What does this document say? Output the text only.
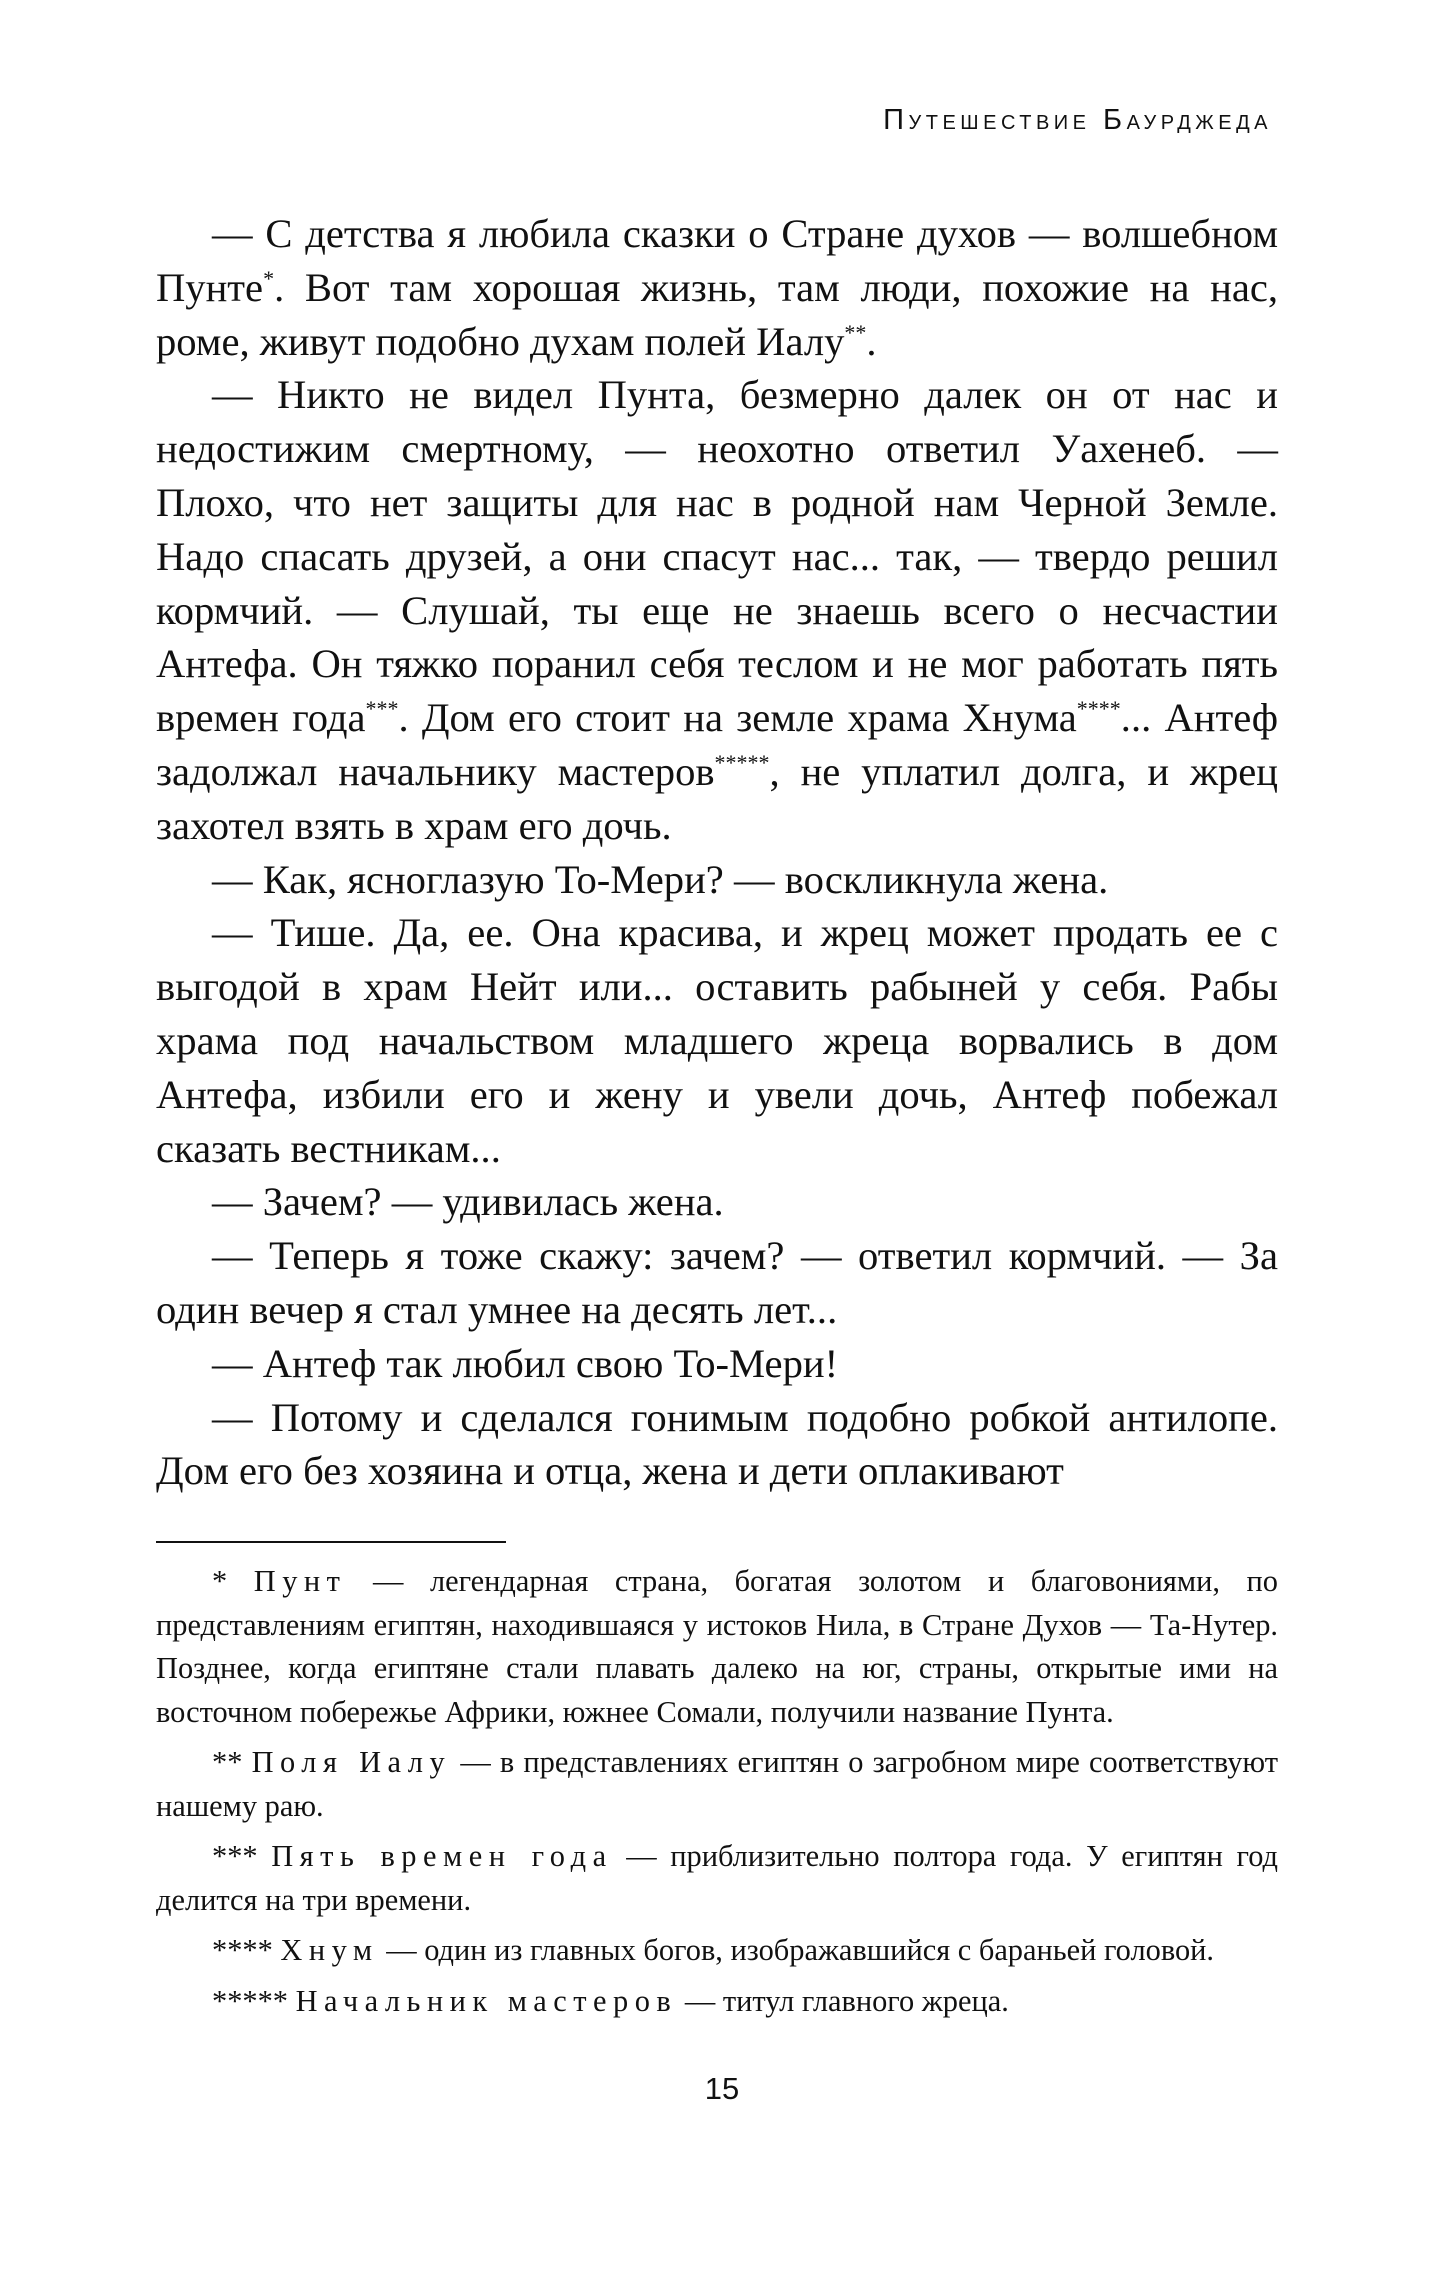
Путешествие Баурджеда

— С детства я любила сказки о Стране духов — волшебном Пунте*. Вот там хорошая жизнь, там люди, похожие на нас, роме, живут подобно духам полей Иалу**.

— Никто не видел Пунта, безмерно далек он от нас и недостижим смертному, — неохотно ответил Уахенеб. — Плохо, что нет защиты для нас в родной нам Черной Земле. Надо спасать друзей, а они спасут нас... так, — твердо решил кормчий. — Слушай, ты еще не знаешь всего о несчастии Антефа. Он тяжко поранил себя теслом и не мог работать пять времен года***. Дом его стоит на земле храма Хнума****... Антеф задолжал начальнику мастеров*****, не уплатил долга, и жрец захотел взять в храм его дочь.

— Как, ясноглазую То-Мери? — воскликнула жена.

— Тише. Да, ее. Она красива, и жрец может продать ее с выгодой в храм Нейт или... оставить рабыней у себя. Рабы храма под начальством младшего жреца ворвались в дом Антефа, избили его и жену и увели дочь, Антеф побежал сказать вестникам...

— Зачем? — удивилась жена.

— Теперь я тоже скажу: зачем? — ответил кормчий. — За один вечер я стал умнее на десять лет...

— Антеф так любил свою То-Мери!

— Потому и сделался гонимым подобно робкой антилопе. Дом его без хозяина и отца, жена и дети оплакивают

* Пунт — легендарная страна, богатая золотом и благовониями, по представлениям египтян, находившаяся у истоков Нила, в Стране Духов — Та-Нутер. Позднее, когда египтяне стали плавать далеко на юг, страны, открытые ими на восточном побережье Африки, южнее Сомали, получили название Пунта.

** Поля Иалу — в представлениях египтян о загробном мире соответствуют нашему раю.

*** Пять времен года — приблизительно полтора года. У египтян год делится на три времени.

**** Хнум — один из главных богов, изображавшийся с бараньей головой.

***** Начальник мастеров — титул главного жреца.

15
